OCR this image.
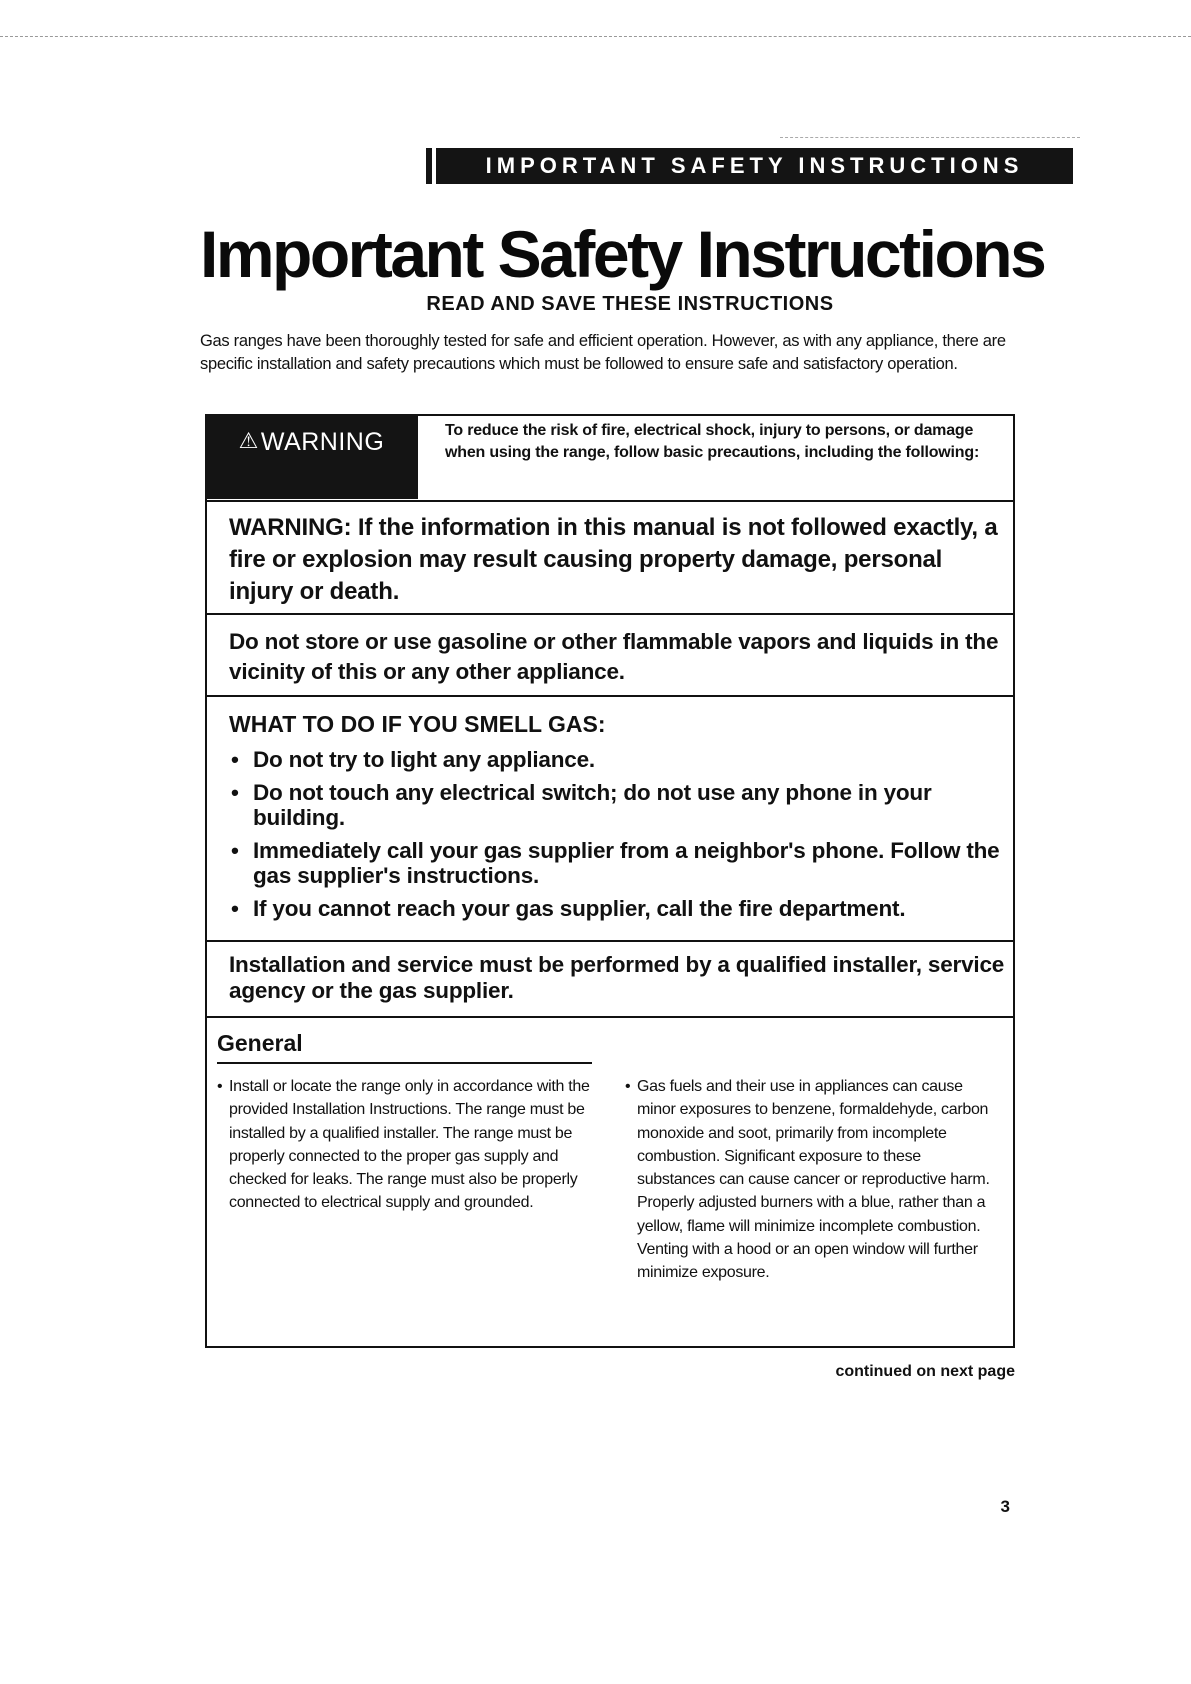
IMPORTANT SAFETY INSTRUCTIONS
Important Safety Instructions
READ AND SAVE THESE INSTRUCTIONS

Gas ranges have been thoroughly tested for safe and efficient operation. However, as with any appliance, there are specific installation and safety precautions which must be followed to ensure safe and satisfactory operation.

⚠ WARNING	To reduce the risk of fire, electrical shock, injury to persons, or damage when using the range, follow basic precautions, including the following:

WARNING: If the information in this manual is not followed exactly, a fire or explosion may result causing property damage, personal injury or death.

Do not store or use gasoline or other flammable vapors and liquids in the vicinity of this or any other appliance.

WHAT TO DO IF YOU SMELL GAS:
• Do not try to light any appliance.
• Do not touch any electrical switch; do not use any phone in your building.
• Immediately call your gas supplier from a neighbor's phone. Follow the gas supplier's instructions.
• If you cannot reach your gas supplier, call the fire department.

Installation and service must be performed by a qualified installer, service agency or the gas supplier.

General

• Install or locate the range only in accordance with the provided Installation Instructions. The range must be installed by a qualified installer. The range must be properly connected to the proper gas supply and checked for leaks. The range must also be properly connected to electrical supply and grounded.

• Gas fuels and their use in appliances can cause minor exposures to benzene, formaldehyde, carbon monoxide and soot, primarily from incomplete combustion. Significant exposure to these substances can cause cancer or reproductive harm. Properly adjusted burners with a blue, rather than a yellow, flame will minimize incomplete combustion. Venting with a hood or an open window will further minimize exposure.

continued on next page
3
